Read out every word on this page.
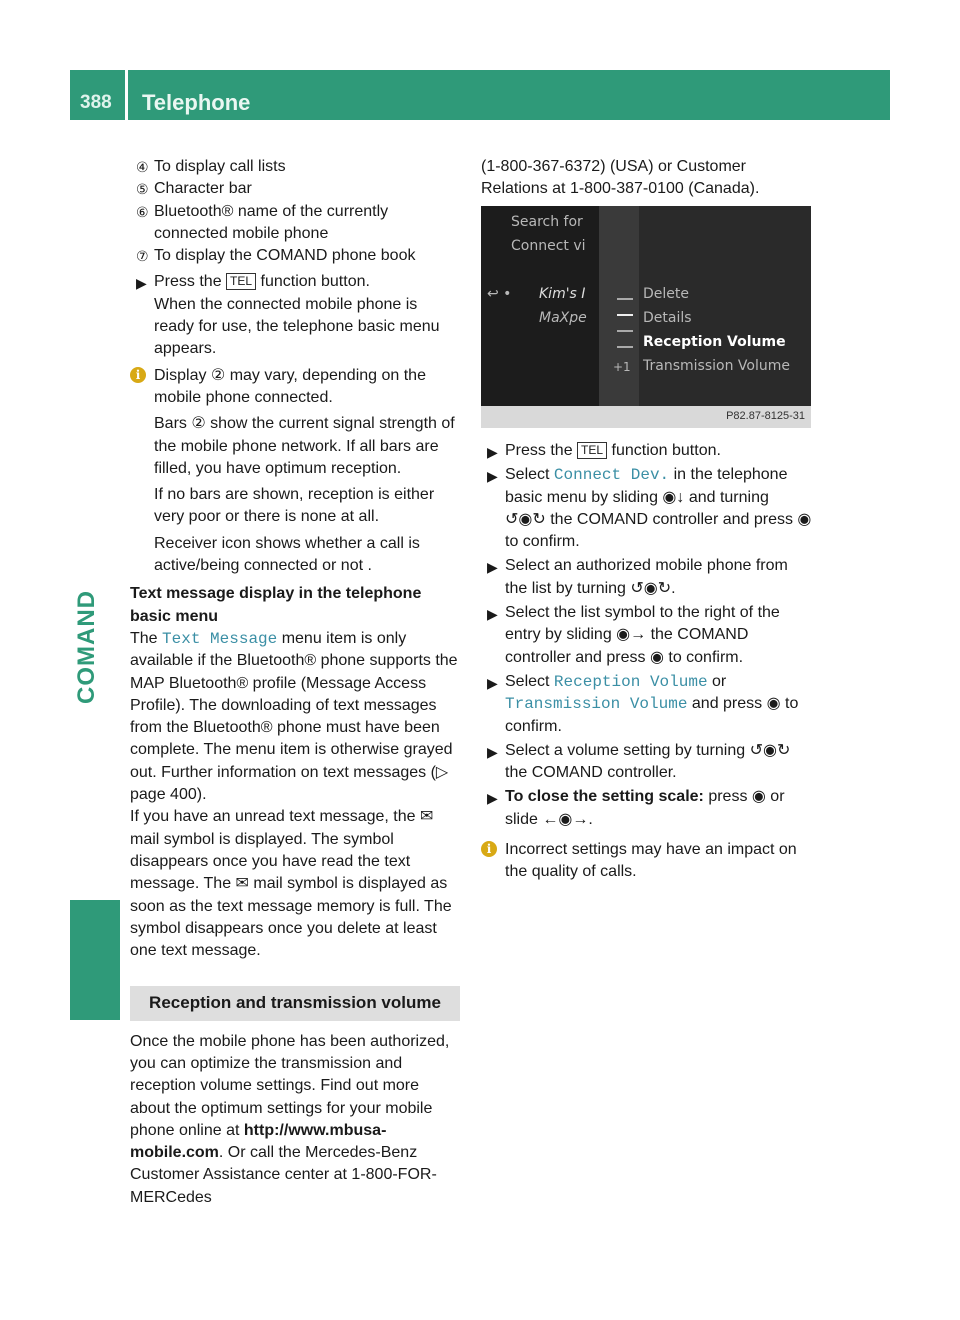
388 Telephone
COMAND

④ To display call lists

⑤ Character bar

⑥ Bluetooth® name of the currently connected mobile phone

⑦ To display the COMAND phone book

▶ Press the TEL function button.
When the connected mobile phone is ready for use, the telephone basic menu appears.

i Display ② may vary, depending on the mobile phone connected.

Bars ② show the current signal strength of the mobile phone network. If all bars are filled, you have optimum reception.

If no bars are shown, reception is either very poor or there is none at all.

Receiver icon shows whether a call is active/being connected or not .

Text message display in the telephone basic menu

The Text Message menu item is only available if the Bluetooth® phone supports the MAP Bluetooth® profile (Message Access Profile). The downloading of text messages from the Bluetooth® phone must have been complete. The menu item is otherwise grayed out. Further information on text messages (▷ page 400).

If you have an unread text message, the ✉ mail symbol is displayed. The symbol disappears once you have read the text message. The ✉ mail symbol is displayed as soon as the text message memory is full. The symbol disappears once you delete at least one text message.

Reception and transmission volume

Once the mobile phone has been authorized, you can optimize the transmission and reception volume settings. Find out more about the optimum settings for your mobile phone online at http://www.mbusa-mobile.com. Or call the Mercedes-Benz Customer Assistance center at 1-800-FOR-MERCedes

(1-800-367-6372) (USA) or Customer Relations at 1-800-387-0100 (Canada).

Search for
Connect vi
Kim's I
MaXpe
↩ •
+1
Delete
Details
Reception Volume
Transmission Volume
P82.87-8125-31

▶ Press the TEL function button.

▶ Select Connect Dev. in the telephone basic menu by sliding ◉↓ and turning ↺◉↻ the COMAND controller and press ◉ to confirm.

▶ Select an authorized mobile phone from the list by turning ↺◉↻.

▶ Select the list symbol to the right of the entry by sliding ◉→ the COMAND controller and press ◉ to confirm.

▶ Select Reception Volume or Transmission Volume and press ◉ to confirm.

▶ Select a volume setting by turning ↺◉↻ the COMAND controller.

▶ To close the setting scale: press ◉ or slide ←◉→.

i Incorrect settings may have an impact on the quality of calls.
